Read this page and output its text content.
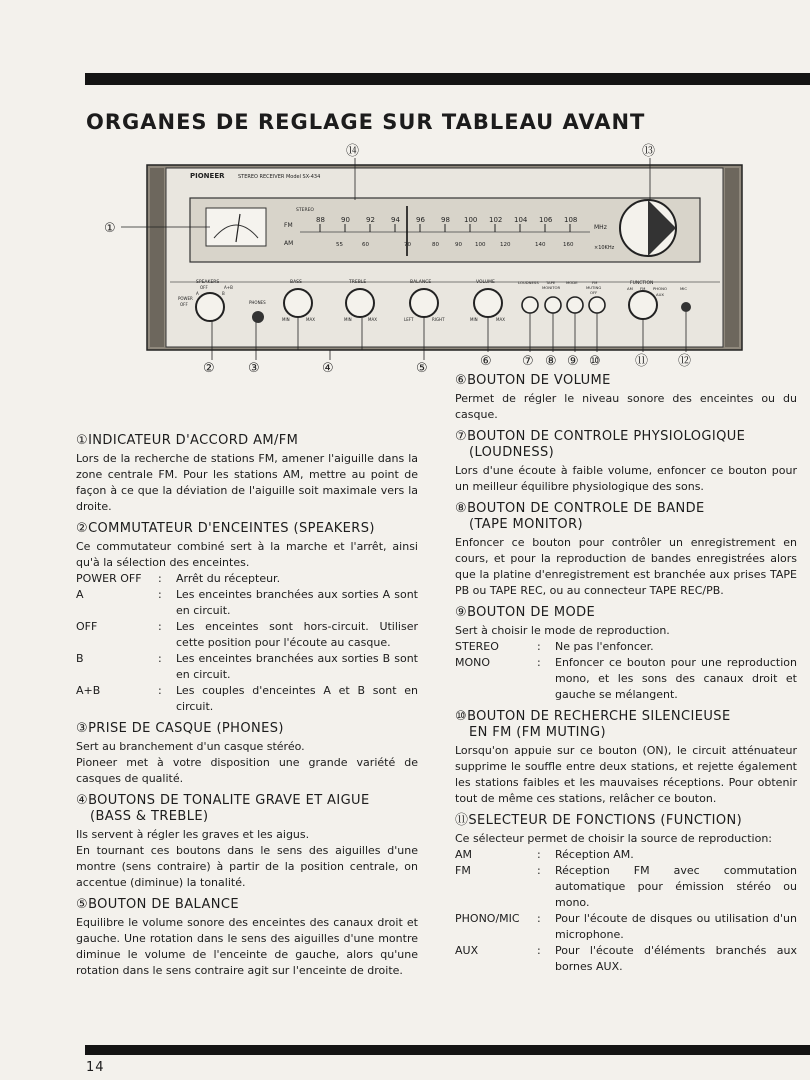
ORGANES DE REGLAGE SUR TABLEAU AVANT
PIONEER	STEREO RECEIVER Model SX-434
STEREO
FM
AM
MHz
×10KHz
88 90 92 94 96 98 100 102 104 106 108
55	60	70	80	90 100	120	140	160
SPEAKERS
OFF
A	B
A+B
POWER
OFF	PHONES
BASS
MIN	MAX
TREBLE
MIN	MAX
BALANCE
LEFT	RIGHT
VOLUME
MIN	MAX
LOUDNESS TAPE
MONITOR
MODE	FM
MUTING
OFF
FUNCTION
AM FM PHONO	MIC
AUX
①
⑭	⑬
②	③	④	⑤	⑥ ⑦ ⑧ ⑨ ⑩	⑪ ⑫
①INDICATEUR D'ACCORD AM/FM

Lors de la recherche de stations FM, amener l'aiguille dans la zone centrale FM. Pour les stations AM, mettre au point de façon à ce que la déviation de l'aiguille soit maximale vers la droite.

②COMMUTATEUR D'ENCEINTES (SPEAKERS)

Ce commutateur combiné sert à la marche et l'arrêt, ainsi qu'à la sélection des enceintes.

POWER OFF	:	Arrêt du récepteur.
A	:	Les enceintes branchées aux sorties A sont en circuit.
OFF	:	Les enceintes sont hors-circuit. Utiliser cette position pour l'écoute au casque.
B	:	Les enceintes branchées aux sorties B sont en circuit.
A+B	:	Les couples d'enceintes A et B sont en circuit.
③PRISE DE CASQUE (PHONES)

Sert au branchement d'un casque stéréo.

Pioneer met à votre disposition une grande variété de casques de qualité.

④BOUTONS DE TONALITE GRAVE ET AIGUE
(BASS & TREBLE)

Ils servent à régler les graves et les aigus.

En tournant ces boutons dans le sens des aiguilles d'une montre (sens contraire) à partir de la position centrale, on accentue (diminue) la tonalité.

⑤BOUTON DE BALANCE

Equilibre le volume sonore des enceintes des canaux droit et gauche. Une rotation dans le sens des aiguilles d'une montre diminue le volume de l'enceinte de gauche, alors qu'une rotation dans le sens contraire agit sur l'enceinte de droite.

⑥BOUTON DE VOLUME

Permet de régler le niveau sonore des enceintes ou du casque.

⑦BOUTON DE CONTROLE PHYSIOLOGIQUE
(LOUDNESS)

Lors d'une écoute à faible volume, enfoncer ce bouton pour un meilleur équilibre physiologique des sons.

⑧BOUTON DE CONTROLE DE BANDE
(TAPE MONITOR)

Enfoncer ce bouton pour contrôler un enregistrement en cours, et pour la reproduction de bandes enregistrées alors que la platine d'enregistrement est branchée aux prises TAPE PB ou TAPE REC, ou au connecteur TAPE REC/PB.

⑨BOUTON DE MODE

Sert à choisir le mode de reproduction.

STEREO	:	Ne pas l'enfoncer.
MONO	:	Enfoncer ce bouton pour une reproduction mono, et les sons des canaux droit et gauche se mélangent.
⑩BOUTON DE RECHERCHE SILENCIEUSE
EN FM (FM MUTING)

Lorsqu'on appuie sur ce bouton (ON), le circuit atténuateur supprime le souffle entre deux stations, et rejette également les stations faibles et les mauvaises réceptions. Pour obtenir tout de même ces stations, relâcher ce bouton.

⑪SELECTEUR DE FONCTIONS (FUNCTION)

Ce sélecteur permet de choisir la source de reproduction:

AM	:	Réception AM.
FM	:	Réception FM avec commutation automatique pour émission stéréo ou mono.
PHONO/MIC	:	Pour l'écoute de disques ou utilisation d'un microphone.
AUX	:	Pour l'écoute d'éléments branchés aux bornes AUX.
14
